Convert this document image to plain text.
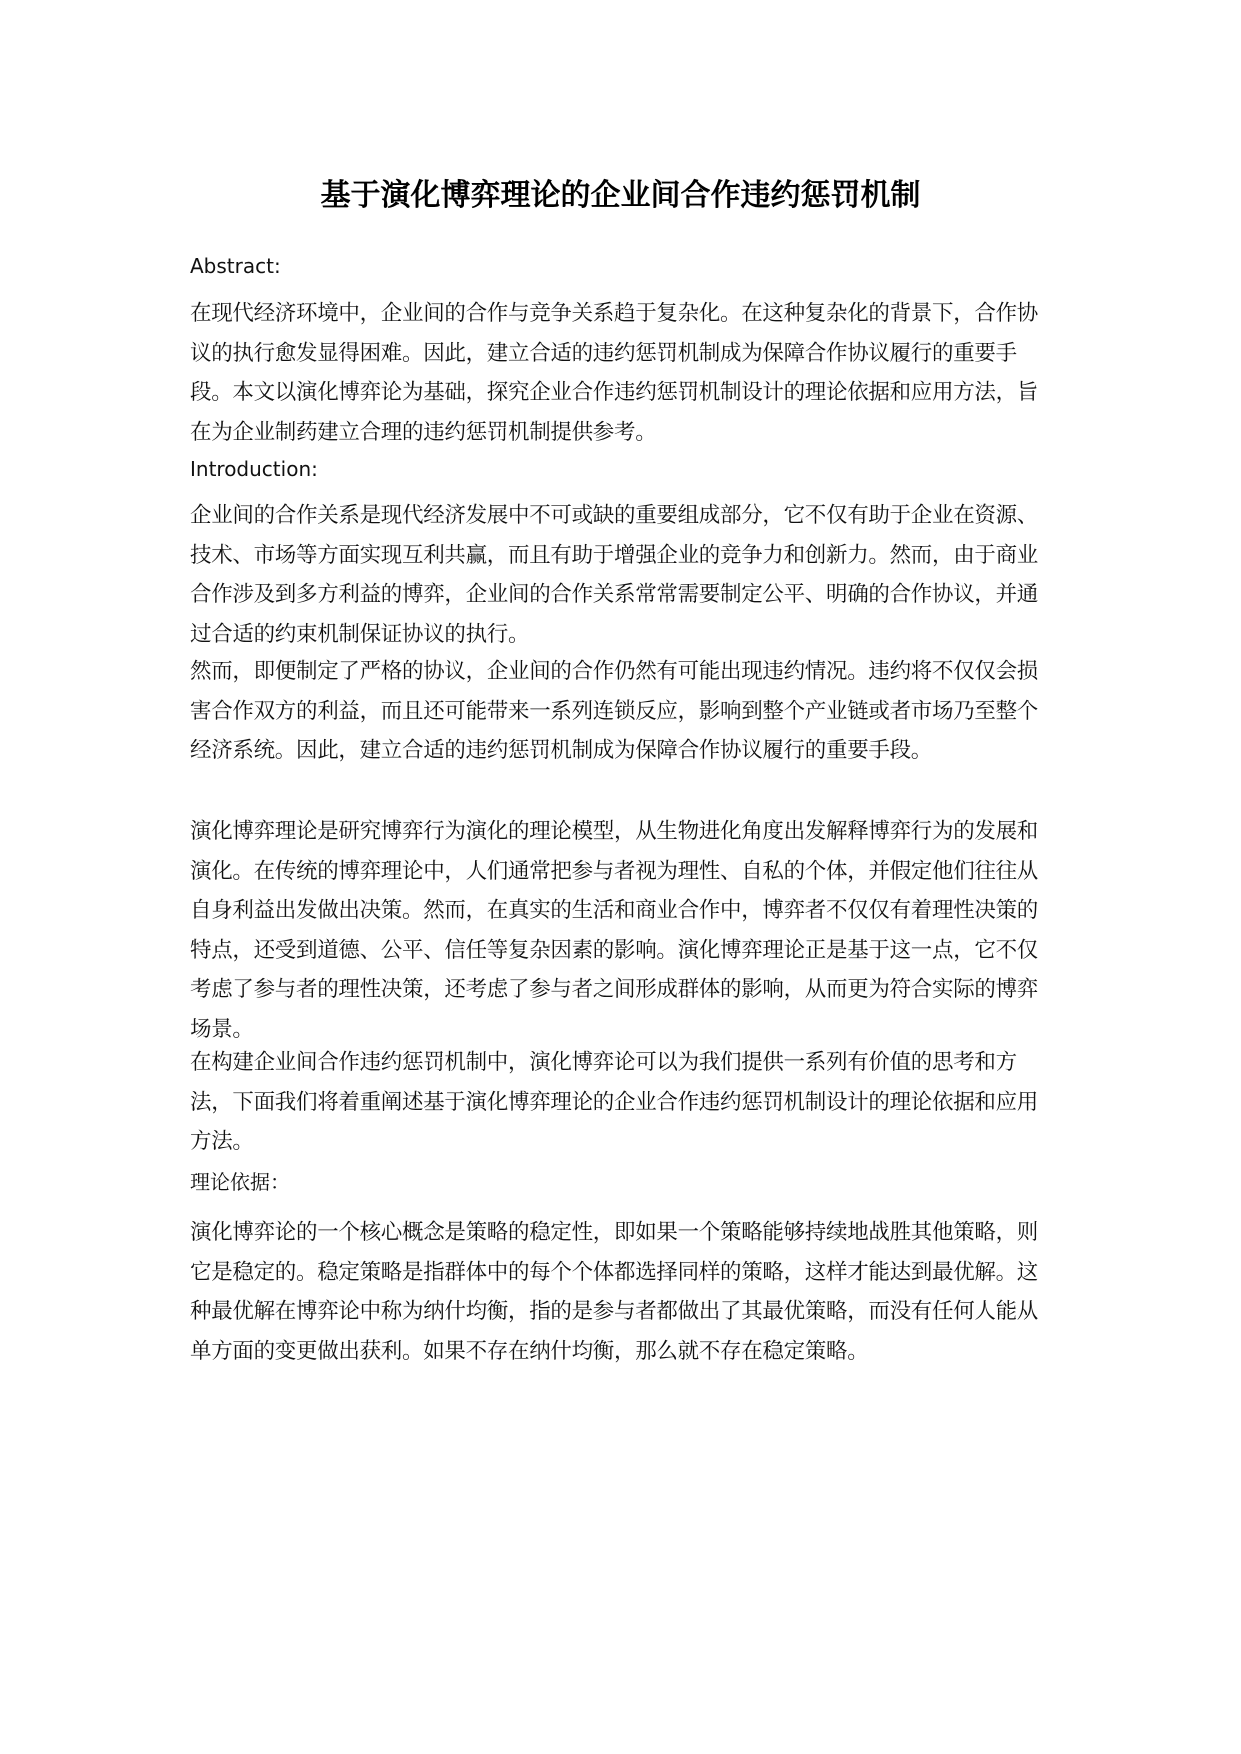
基于演化博弈理论的企业间合作违约惩罚机制

Abstract:

在现代经济环境中，企业间的合作与竞争关系趋于复杂化。在这种复杂化的背景下，合作协议的执行愈发显得困难。因此，建立合适的违约惩罚机制成为保障合作协议履行的重要手段。本文以演化博弈论为基础，探究企业合作违约惩罚机制设计的理论依据和应用方法，旨在为企业制药建立合理的违约惩罚机制提供参考。

Introduction:

企业间的合作关系是现代经济发展中不可或缺的重要组成部分，它不仅有助于企业在资源、技术、市场等方面实现互利共赢，而且有助于增强企业的竞争力和创新力。然而，由于商业合作涉及到多方利益的博弈，企业间的合作关系常常需要制定公平、明确的合作协议，并通过合适的约束机制保证协议的执行。

然而，即便制定了严格的协议，企业间的合作仍然有可能出现违约情况。违约将不仅仅会损害合作双方的利益，而且还可能带来一系列连锁反应，影响到整个产业链或者市场乃至整个经济系统。因此，建立合适的违约惩罚机制成为保障合作协议履行的重要手段。

演化博弈理论是研究博弈行为演化的理论模型，从生物进化角度出发解释博弈行为的发展和演化。在传统的博弈理论中，人们通常把参与者视为理性、自私的个体，并假定他们往往从自身利益出发做出决策。然而，在真实的生活和商业合作中，博弈者不仅仅有着理性决策的特点，还受到道德、公平、信任等复杂因素的影响。演化博弈理论正是基于这一点，它不仅考虑了参与者的理性决策，还考虑了参与者之间形成群体的影响，从而更为符合实际的博弈场景。

在构建企业间合作违约惩罚机制中，演化博弈论可以为我们提供一系列有价值的思考和方法，下面我们将着重阐述基于演化博弈理论的企业合作违约惩罚机制设计的理论依据和应用方法。

理论依据：

演化博弈论的一个核心概念是策略的稳定性，即如果一个策略能够持续地战胜其他策略，则它是稳定的。稳定策略是指群体中的每个个体都选择同样的策略，这样才能达到最优解。这种最优解在博弈论中称为纳什均衡，指的是参与者都做出了其最优策略，而没有任何人能从单方面的变更做出获利。如果不存在纳什均衡，那么就不存在稳定策略。
